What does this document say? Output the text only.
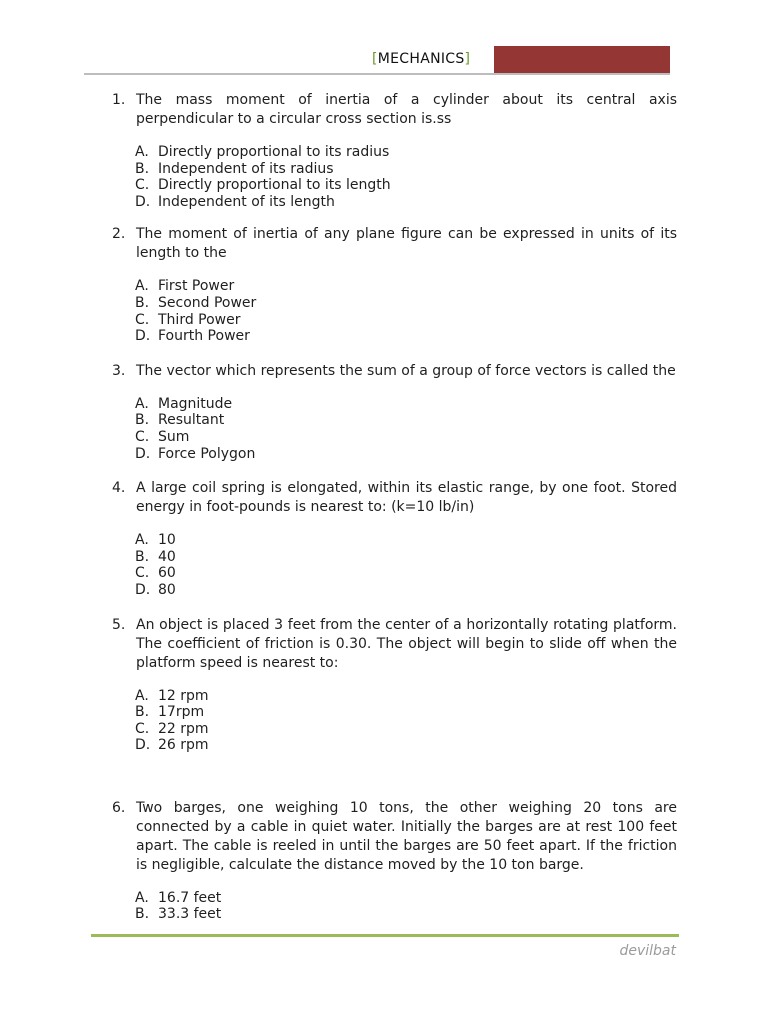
[MECHANICS]
1. The mass moment of inertia of a cylinder about its central axis perpendicular to a circular cross section is.ss
A. Directly proportional to its radius
B. Independent of its radius
C. Directly proportional to its length
D. Independent of its length
2. The moment of inertia of any plane figure can be expressed in units of its length to the
A. First Power
B. Second Power
C. Third Power
D. Fourth Power
3. The vector which represents the sum of a group of force vectors is called the
A. Magnitude
B. Resultant
C. Sum
D. Force Polygon
4. A large coil spring is elongated, within its elastic range, by one foot. Stored energy in foot-pounds is nearest to: (k=10 lb/in)
A. 10
B. 40
C. 60
D. 80
5. An object is placed 3 feet from the center of a horizontally rotating platform. The coefficient of friction is 0.30. The object will begin to slide off when the platform speed is nearest to:
A. 12 rpm
B. 17rpm
C. 22 rpm
D. 26 rpm
6. Two barges, one weighing 10 tons, the other weighing 20 tons are connected by a cable in quiet water. Initially the barges are at rest 100 feet apart. The cable is reeled in until the barges are 50 feet apart. If the friction is negligible, calculate the distance moved by the 10 ton barge.
A. 16.7 feet
B. 33.3 feet
devilbat
